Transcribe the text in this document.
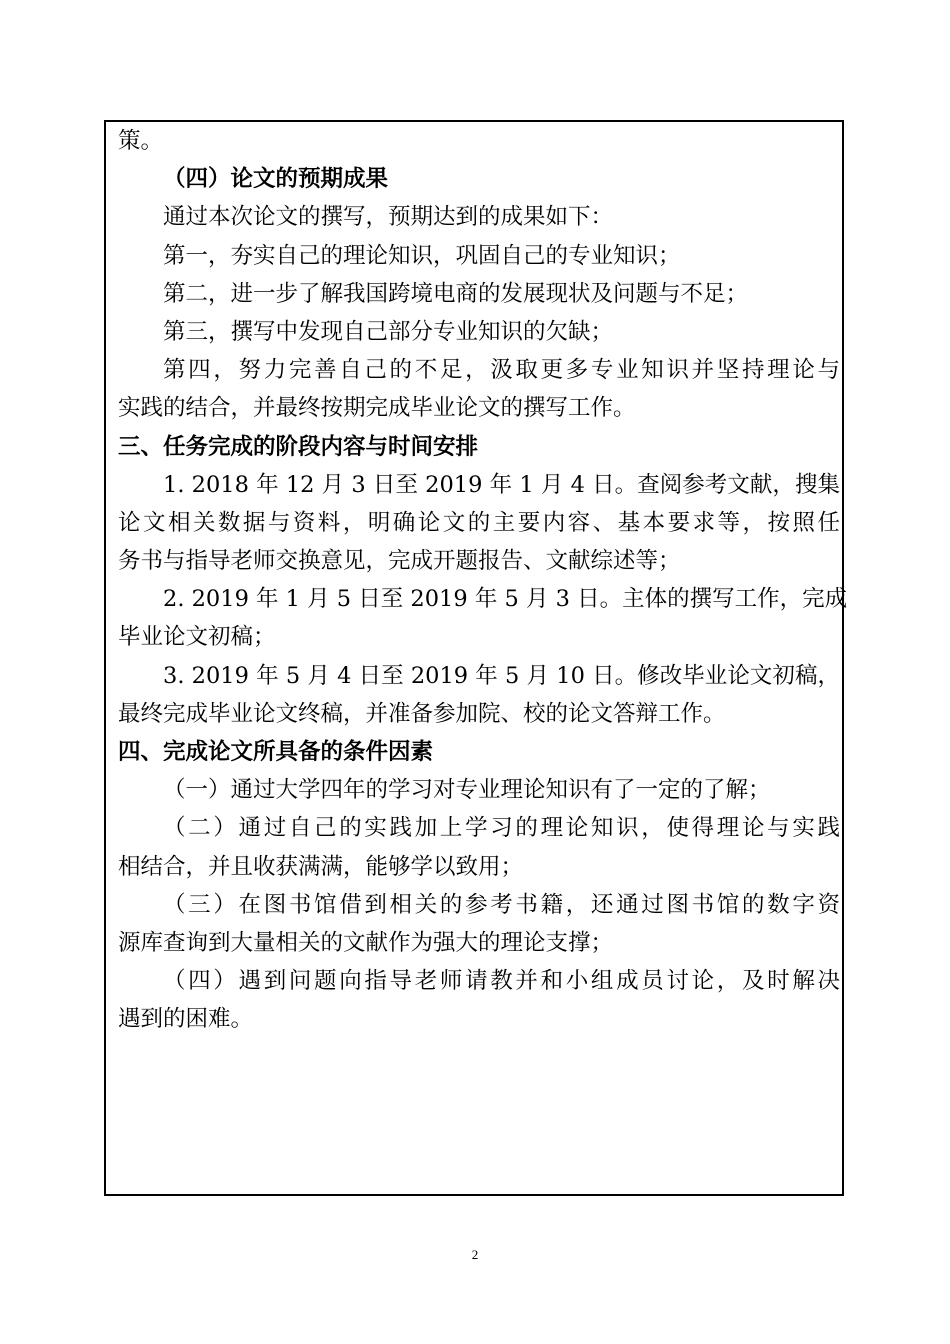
策。

（四）论文的预期成果

通过本次论文的撰写，预期达到的成果如下：

第一，夯实自己的理论知识，巩固自己的专业知识；

第二，进一步了解我国跨境电商的发展现状及问题与不足；

第三，撰写中发现自己部分专业知识的欠缺；

第四，努力完善自己的不足，汲取更多专业知识并坚持理论与

实践的结合，并最终按期完成毕业论文的撰写工作。

三、任务完成的阶段内容与时间安排

1. 2018 年 12 月 3 日至 2019 年 1 月 4 日。查阅参考文献，搜集

论文相关数据与资料，明确论文的主要内容、基本要求等，按照任

务书与指导老师交换意见，完成开题报告、文献综述等；

2. 2019 年 1 月 5 日至 2019 年 5 月 3 日。主体的撰写工作，完成

毕业论文初稿；

3. 2019 年 5 月 4 日至 2019 年 5 月 10 日。修改毕业论文初稿，

最终完成毕业论文终稿，并准备参加院、校的论文答辩工作。

四、完成论文所具备的条件因素

（一）通过大学四年的学习对专业理论知识有了一定的了解；

（二）通过自己的实践加上学习的理论知识，使得理论与实践

相结合，并且收获满满，能够学以致用；

（三）在图书馆借到相关的参考书籍，还通过图书馆的数字资

源库查询到大量相关的文献作为强大的理论支撑；

（四）遇到问题向指导老师请教并和小组成员讨论，及时解决

遇到的困难。

2
